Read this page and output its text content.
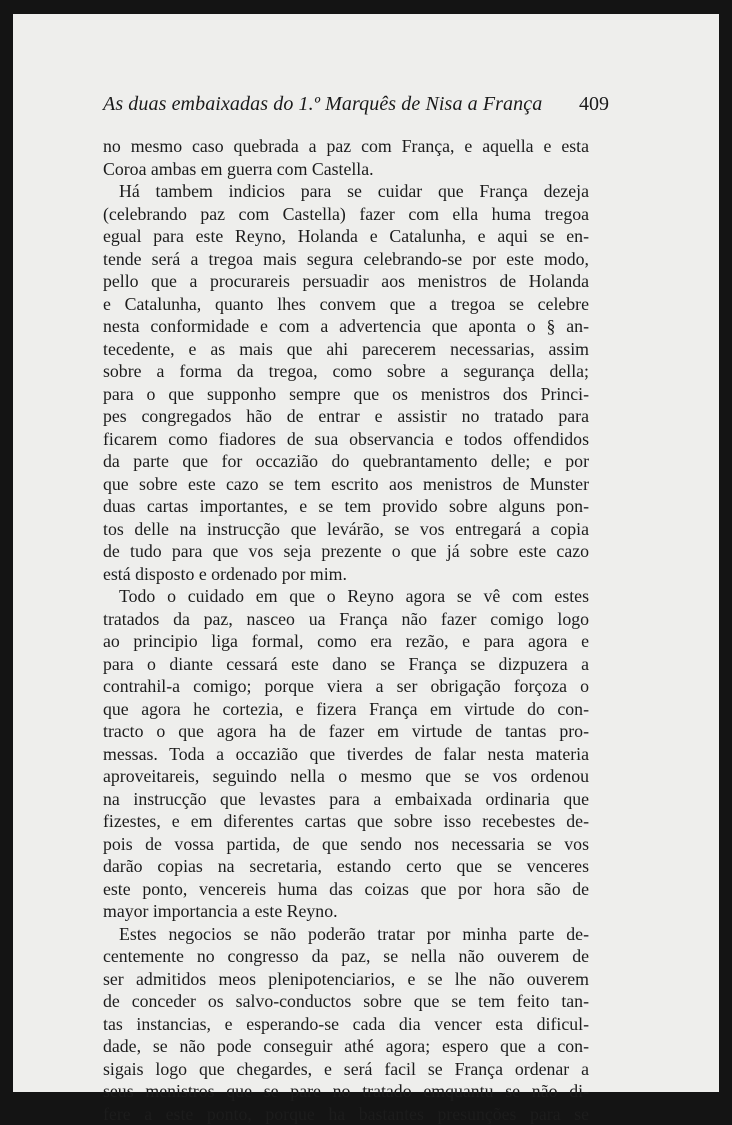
As duas embaixadas do 1.º Marquês de Nisa a França 409

no mesmo caso quebrada a paz com França, e aquella e esta

Coroa ambas em guerra com Castella.

Há tambem indicios para se cuidar que França dezeja

(celebrando paz com Castella) fazer com ella huma tregoa

egual para este Reyno, Holanda e Catalunha, e aqui se en-

tende será a tregoa mais segura celebrando-se por este modo,

pello que a procurareis persuadir aos menistros de Holanda

e Catalunha, quanto lhes convem que a tregoa se celebre

nesta conformidade e com a advertencia que aponta o § an-

tecedente, e as mais que ahi parecerem necessarias, assim

sobre a forma da tregoa, como sobre a segurança della;

para o que supponho sempre que os menistros dos Princi-

pes congregados hão de entrar e assistir no tratado para

ficarem como fiadores de sua observancia e todos offendidos

da parte que for occazião do quebrantamento delle; e por

que sobre este cazo se tem escrito aos menistros de Munster

duas cartas importantes, e se tem provido sobre alguns pon-

tos delle na instrucção que levárão, se vos entregará a copia

de tudo para que vos seja prezente o que já sobre este cazo

está disposto e ordenado por mim.

Todo o cuidado em que o Reyno agora se vê com estes

tratados da paz, nasceo ua França não fazer comigo logo

ao principio liga formal, como era rezão, e para agora e

para o diante cessará este dano se França se dizpuzera a

contrahil-a comigo; porque viera a ser obrigação forçoza o

que agora he cortezia, e fizera França em virtude do con-

tracto o que agora ha de fazer em virtude de tantas pro-

messas. Toda a occazião que tiverdes de falar nesta materia

aproveitareis, seguindo nella o mesmo que se vos ordenou

na instrucção que levastes para a embaixada ordinaria que

fizestes, e em diferentes cartas que sobre isso recebestes de-

pois de vossa partida, de que sendo nos necessaria se vos

darão copias na secretaria, estando certo que se venceres

este ponto, vencereis huma das coizas que por hora são de

mayor importancia a este Reyno.

Estes negocios se não poderão tratar por minha parte de-

centemente no congresso da paz, se nella não ouverem de

ser admitidos meos plenipotenciarios, e se lhe não ouverem

de conceder os salvo-conductos sobre que se tem feito tan-

tas instancias, e esperando-se cada dia vencer esta dificul-

dade, se não pode conseguir athé agora; espero que a con-

sigais logo que chegardes, e será facil se França ordenar a

seus menistros que se pare no tratado emquantu se não di-

fere a este ponto, porque ha bastantes presunções para se
